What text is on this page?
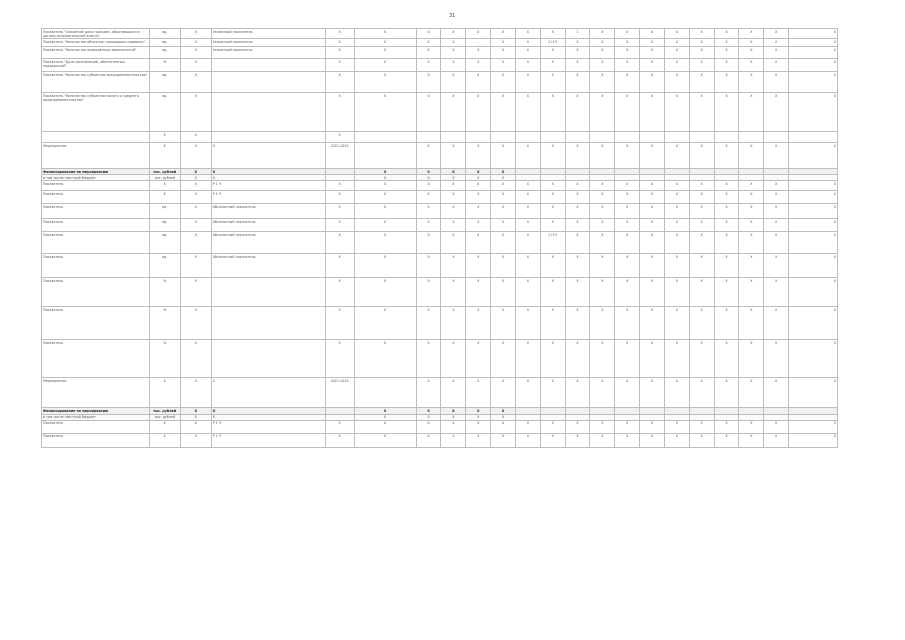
31
Показатель "Снижение доли граждан, обратившихся в органы исполнительной власти"	ед.	Х	Указанный показатель	Х	0	0	Х	Х	Х	Х	Х	1	Х	Х	Х	0	Х	Х	Х	Х	Х
Показатель "Количество объектов, прошедших проверку"	ед.	Х	Указанный показатель	Х	0	0	Х	-	0	Х	1 (1*)	Х	Х	Х	0	Х	Х	Х	Х	Х	Х
Показатель "Количество проведённых мероприятий"	ед.	Х	Указанный показатель	Х	Х	0	Х	Х	Х	Х	Х	Х	Х	Х	Х	Х	Х	Х	Х	Х	Х
Показатель "Доля организаций, обеспеченных поддержкой"	%	Х		Х	0	0	Х	Х	Х	Х	Х	Х	Х	Х	Х	Х	Х	Х	Х	Х	Х
Показатель "Количество субъектов предпринимательства"	ед.	Х		Х	0	0	Х	Х	Х	Х	Х	Х	Х	Х	Х	Х	Х	Х	Х	Х	Х
Показатель "Количество субъектов малого и среднего предпринимательства"	ед.	Х		Х	0	0	Х	Х	Х	Х	Х	Х	Х	Х	Х	Х	Х	Х	Х	Х	Х
	Х	Х		Х																	
Мероприятие	Х	Х	Х	2021-2025		0	Х	Х	Х	Х	Х	Х	Х	Х	Х	Х	Х	Х	Х	Х	Х
Финансирование по мероприятию	тыс. рублей	Х	Х		0	0	Х	Х	Х												
в том числе: местный бюджет	тыс. рублей	Х	Х		0	0	Х	Х	Х												
Показатель	Х	Х	Р 1 Ч	Х	0	0	Х	Х	Х	Х	Х	Х	Х	Х	Х	Х	Х	Х	Х	Х	Х
Показатель	Х	Х	Р 1 Ч	Х	0	0	Х	Х	Х	Х	Х	Х	Х	Х	Х	Х	Х	Х	Х	Х	Х
Показатель	ед.	Х	Абсолютный показатель	Х	0	0	Х	Х	Х	Х	Х	Х	Х	Х	Х	Х	Х	Х	Х	Х	Х
Показатель	ед.	Х	Абсолютный показатель	Х	0	0	Х	Х	Х	Х	Х	Х	Х	Х	Х	Х	Х	Х	Х	Х	Х
Показатель	ед.	Х	Абсолютный показатель	Х	0	0	Х	Х	Х	Х	1 (1*)	Х	Х	Х	Х	Х	Х	Х	Х	Х	Х
Показатель	ед.	Х	Абсолютный показатель	Х	0	0	Х	Х	Х	Х	Х	Х	Х	Х	Х	Х	Х	Х	Х	Х	Х
Показатель	%	Х		Х	0	0	Х	Х	Х	Х	Х	Х	Х	Х	Х	Х	Х	Х	Х	Х	Х
Показатель	%	Х		Х	0	0	Х	Х	Х	Х	Х	Х	Х	Х	Х	Х	Х	Х	Х	Х	Х
Показатель	%	Х		Х	0	0	Х	Х	Х	Х	Х	Х	Х	Х	Х	Х	Х	Х	Х	Х	Х
Мероприятие	Х	Х	Х	2021-2025		0	Х	Х	Х	Х	Х	Х	Х	Х	Х	Х	Х	Х	Х	Х	Х
Финансирование по мероприятию	тыс. рублей	Х	Х		0	0	Х	Х	Х												
в том числе: местный бюджет	тыс. рублей	Х	Х		0	0	Х	Х	Х												
Показатель	Х	Х	Р 1 Ч	Х	0	0	Х	Х	Х	Х	Х	Х	Х	Х	Х	Х	Х	Х	Х	Х	Х
Показатель	Х	Х	Р 1 Ч	Х	0	0	Х	Х	Х	Х	Х	Х	Х	Х	Х	Х	Х	Х	Х	Х	Х
